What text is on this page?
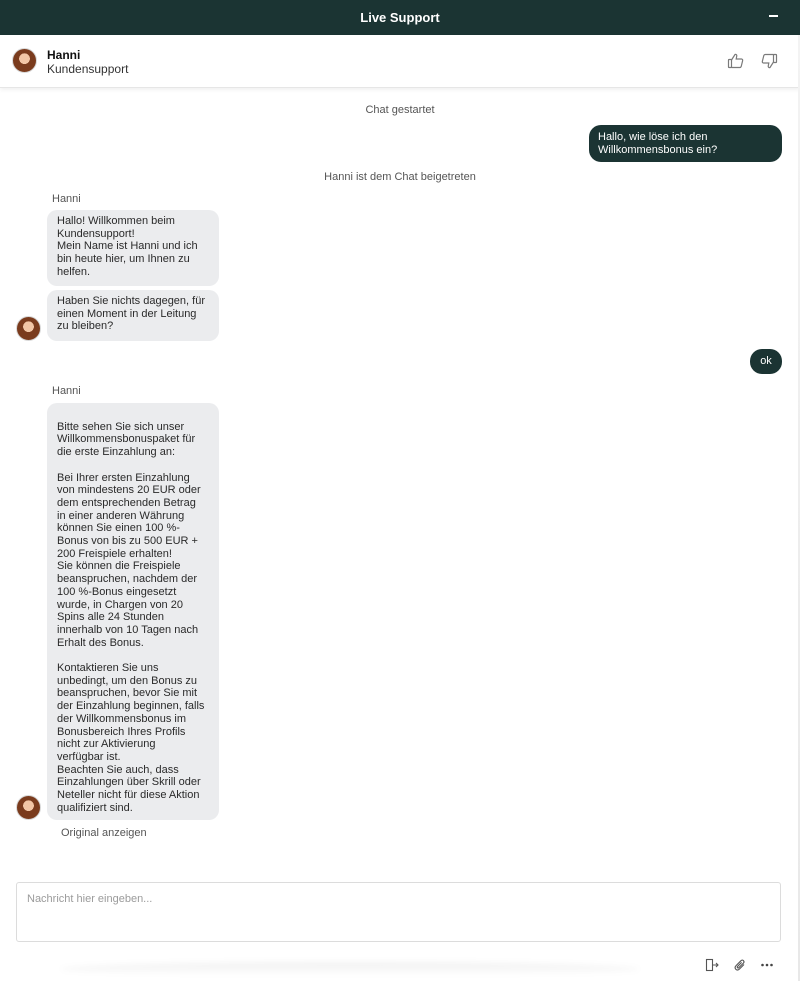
Live Support
Hanni
Kundensupport
Chat gestartet
Hallo, wie löse ich den
Willkommensbonus ein?
Hanni ist dem Chat beigetreten
Hanni
Hallo! Willkommen beim
Kundensupport!
Mein Name ist Hanni und ich
bin heute hier, um Ihnen zu
helfen.
Haben Sie nichts dagegen, für
einen Moment in der Leitung
zu bleiben?
ok
Hanni

Bitte sehen Sie sich unser
Willkommensbonuspaket für
die erste Einzahlung an:

Bei Ihrer ersten Einzahlung
von mindestens 20 EUR oder
dem entsprechenden Betrag
in einer anderen Währung
können Sie einen 100 %-
Bonus von bis zu 500 EUR +
200 Freispiele erhalten!
Sie können die Freispiele
beanspruchen, nachdem der
100 %-Bonus eingesetzt
wurde, in Chargen von 20
Spins alle 24 Stunden
innerhalb von 10 Tagen nach
Erhalt des Bonus.

Kontaktieren Sie uns
unbedingt, um den Bonus zu
beanspruchen, bevor Sie mit
der Einzahlung beginnen, falls
der Willkommensbonus im
Bonusbereich Ihres Profils
nicht zur Aktivierung
verfügbar ist.
Beachten Sie auch, dass
Einzahlungen über Skrill oder
Neteller nicht für diese Aktion
qualifiziert sind.

Original anzeigen

Nachricht hier eingeben...
